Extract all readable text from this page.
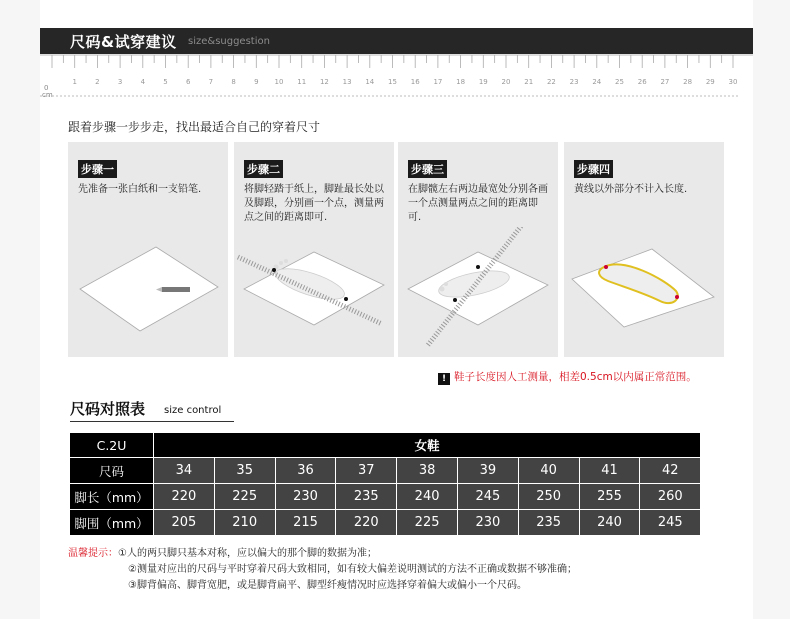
尺码&试穿建议 size&suggestion
1	2	3	4	5	6	7	8	9 10 11 12 13 14 15 16 17 18 19 20 21 22 23 24 25 26 27 28 29 30
0
cm
跟着步骤一步步走，找出最适合自己的穿着尺寸
步骤一
先准备一张白纸和一支铅笔.
步骤二
将脚轻踏于纸上，脚趾最长处以及脚跟，分别画一个点，测量两点之间的距离即可.
步骤三
在脚髋左右两边最宽处分别各画一个点测量两点之间的距离即可.
步骤四
黄线以外部分不计入长度.
! 鞋子长度因人工测量，相差0.5cm以内属正常范围。
尺码对照表 size control
C.2U	女鞋								
尺码	34	35	36	37	38	39	40	41	42
脚长（mm）	220	225	230	235	240	245	250	255	260
脚围（mm）	205	210	215	220	225	230	235	240	245
温馨提示：①人的两只脚只基本对称，应以偏大的那个脚的数据为准；
②测量对应出的尺码与平时穿着尺码大致相同，如有较大偏差说明测试的方法不正确或数据不够准确；
③脚背偏高、脚背宽肥，或是脚背扁平、脚型纤瘦情况时应选择穿着偏大或偏小一个尺码。
